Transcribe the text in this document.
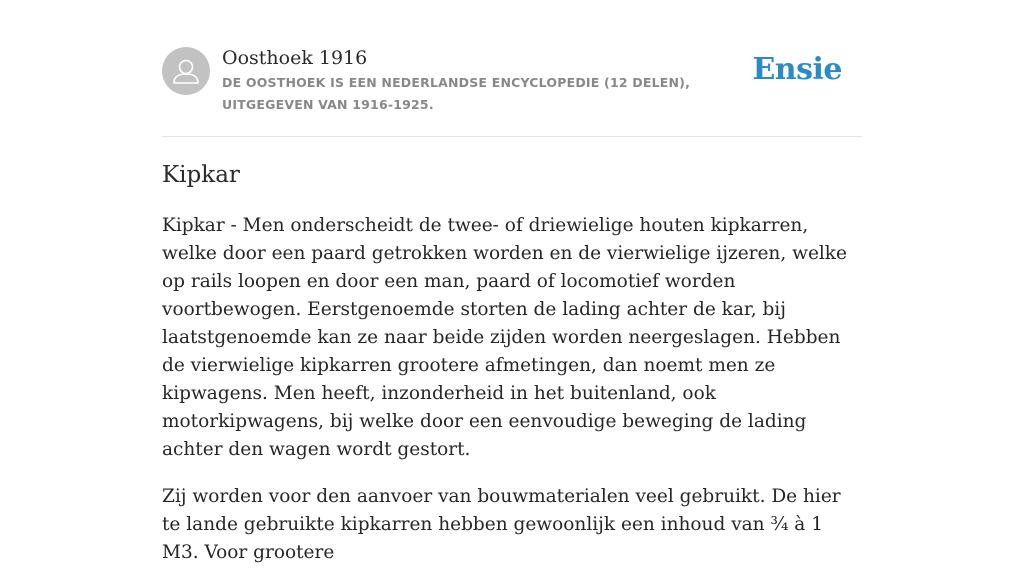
Oosthoek 1916
DE OOSTHOEK IS EEN NEDERLANDSE ENCYCLOPEDIE (12 DELEN), UITGEGEVEN VAN 1916-1925.
Ensie
Kipkar

Kipkar - Men onderscheidt de twee- of driewielige houten kipkarren, welke door een paard getrokken worden en de vierwielige ijzeren, welke op rails loopen en door een man, paard of locomotief worden voortbewogen. Eerstgenoemde storten de lading achter de kar, bij laatstgenoemde kan ze naar beide zijden worden neergeslagen. Hebben de vierwielige kipkarren grootere afmetingen, dan noemt men ze kipwagens. Men heeft, inzonderheid in het buitenland, ook motorkipwagens, bij welke door een eenvoudige beweging de lading achter den wagen wordt gestort.

Zij worden voor den aanvoer van bouwmaterialen veel gebruikt. De hier te lande gebruikte kipkarren hebben gewoonlijk een inhoud van ¾ à 1 M3. Voor grootere
